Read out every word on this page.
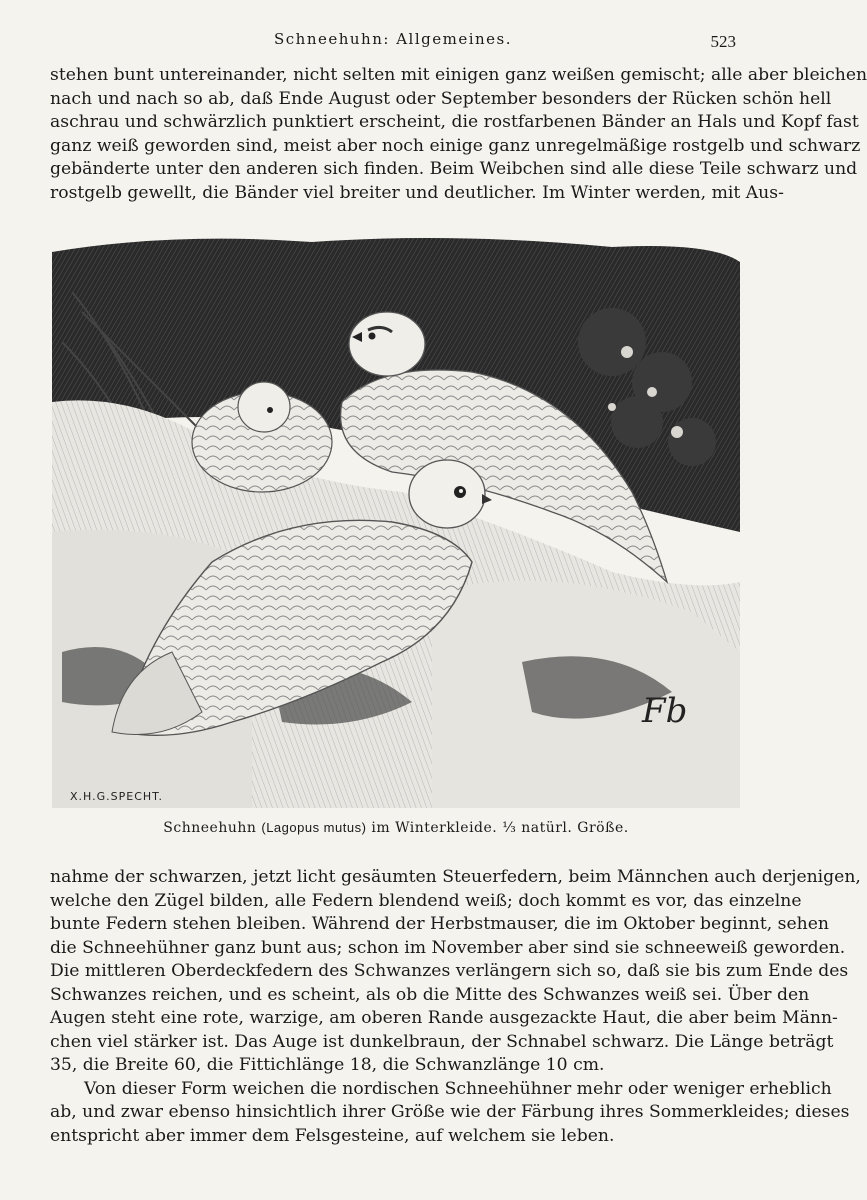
Schneehuhn: Allgemeines.	523
stehen bunt untereinander, nicht selten mit einigen ganz weißen gemischt; alle aber bleichen
nach und nach so ab, daß Ende August oder September besonders der Rücken schön hell
aschrau und schwärzlich punktiert erscheint, die rostfarbenen Bänder an Hals und Kopf fast
ganz weiß geworden sind, meist aber noch einige ganz unregelmäßige rostgelb und schwarz
gebänderte unter den anderen sich finden. Beim Weibchen sind alle diese Teile schwarz und
rostgelb gewellt, die Bänder viel breiter und deutlicher. Im Winter werden, mit Aus-
Fb
X.H.G.SPECHT.
Schneehuhn (Lagopus mutus) im Winterkleide. ⅓ natürl. Größe.
nahme der schwarzen, jetzt licht gesäumten Steuerfedern, beim Männchen auch derjenigen,
welche den Zügel bilden, alle Federn blendend weiß; doch kommt es vor, das einzelne
bunte Federn stehen bleiben. Während der Herbstmauser, die im Oktober beginnt, sehen
die Schneehühner ganz bunt aus; schon im November aber sind sie schneeweiß geworden.
Die mittleren Oberdeckfedern des Schwanzes verlängern sich so, daß sie bis zum Ende des
Schwanzes reichen, und es scheint, als ob die Mitte des Schwanzes weiß sei. Über den
Augen steht eine rote, warzige, am oberen Rande ausgezackte Haut, die aber beim Männ-
chen viel stärker ist. Das Auge ist dunkelbraun, der Schnabel schwarz. Die Länge beträgt
35, die Breite 60, die Fittichlänge 18, die Schwanzlänge 10 cm.
Von dieser Form weichen die nordischen Schneehühner mehr oder weniger erheblich
ab, und zwar ebenso hinsichtlich ihrer Größe wie der Färbung ihres Sommerkleides; dieses
entspricht aber immer dem Felsgesteine, auf welchem sie leben.
